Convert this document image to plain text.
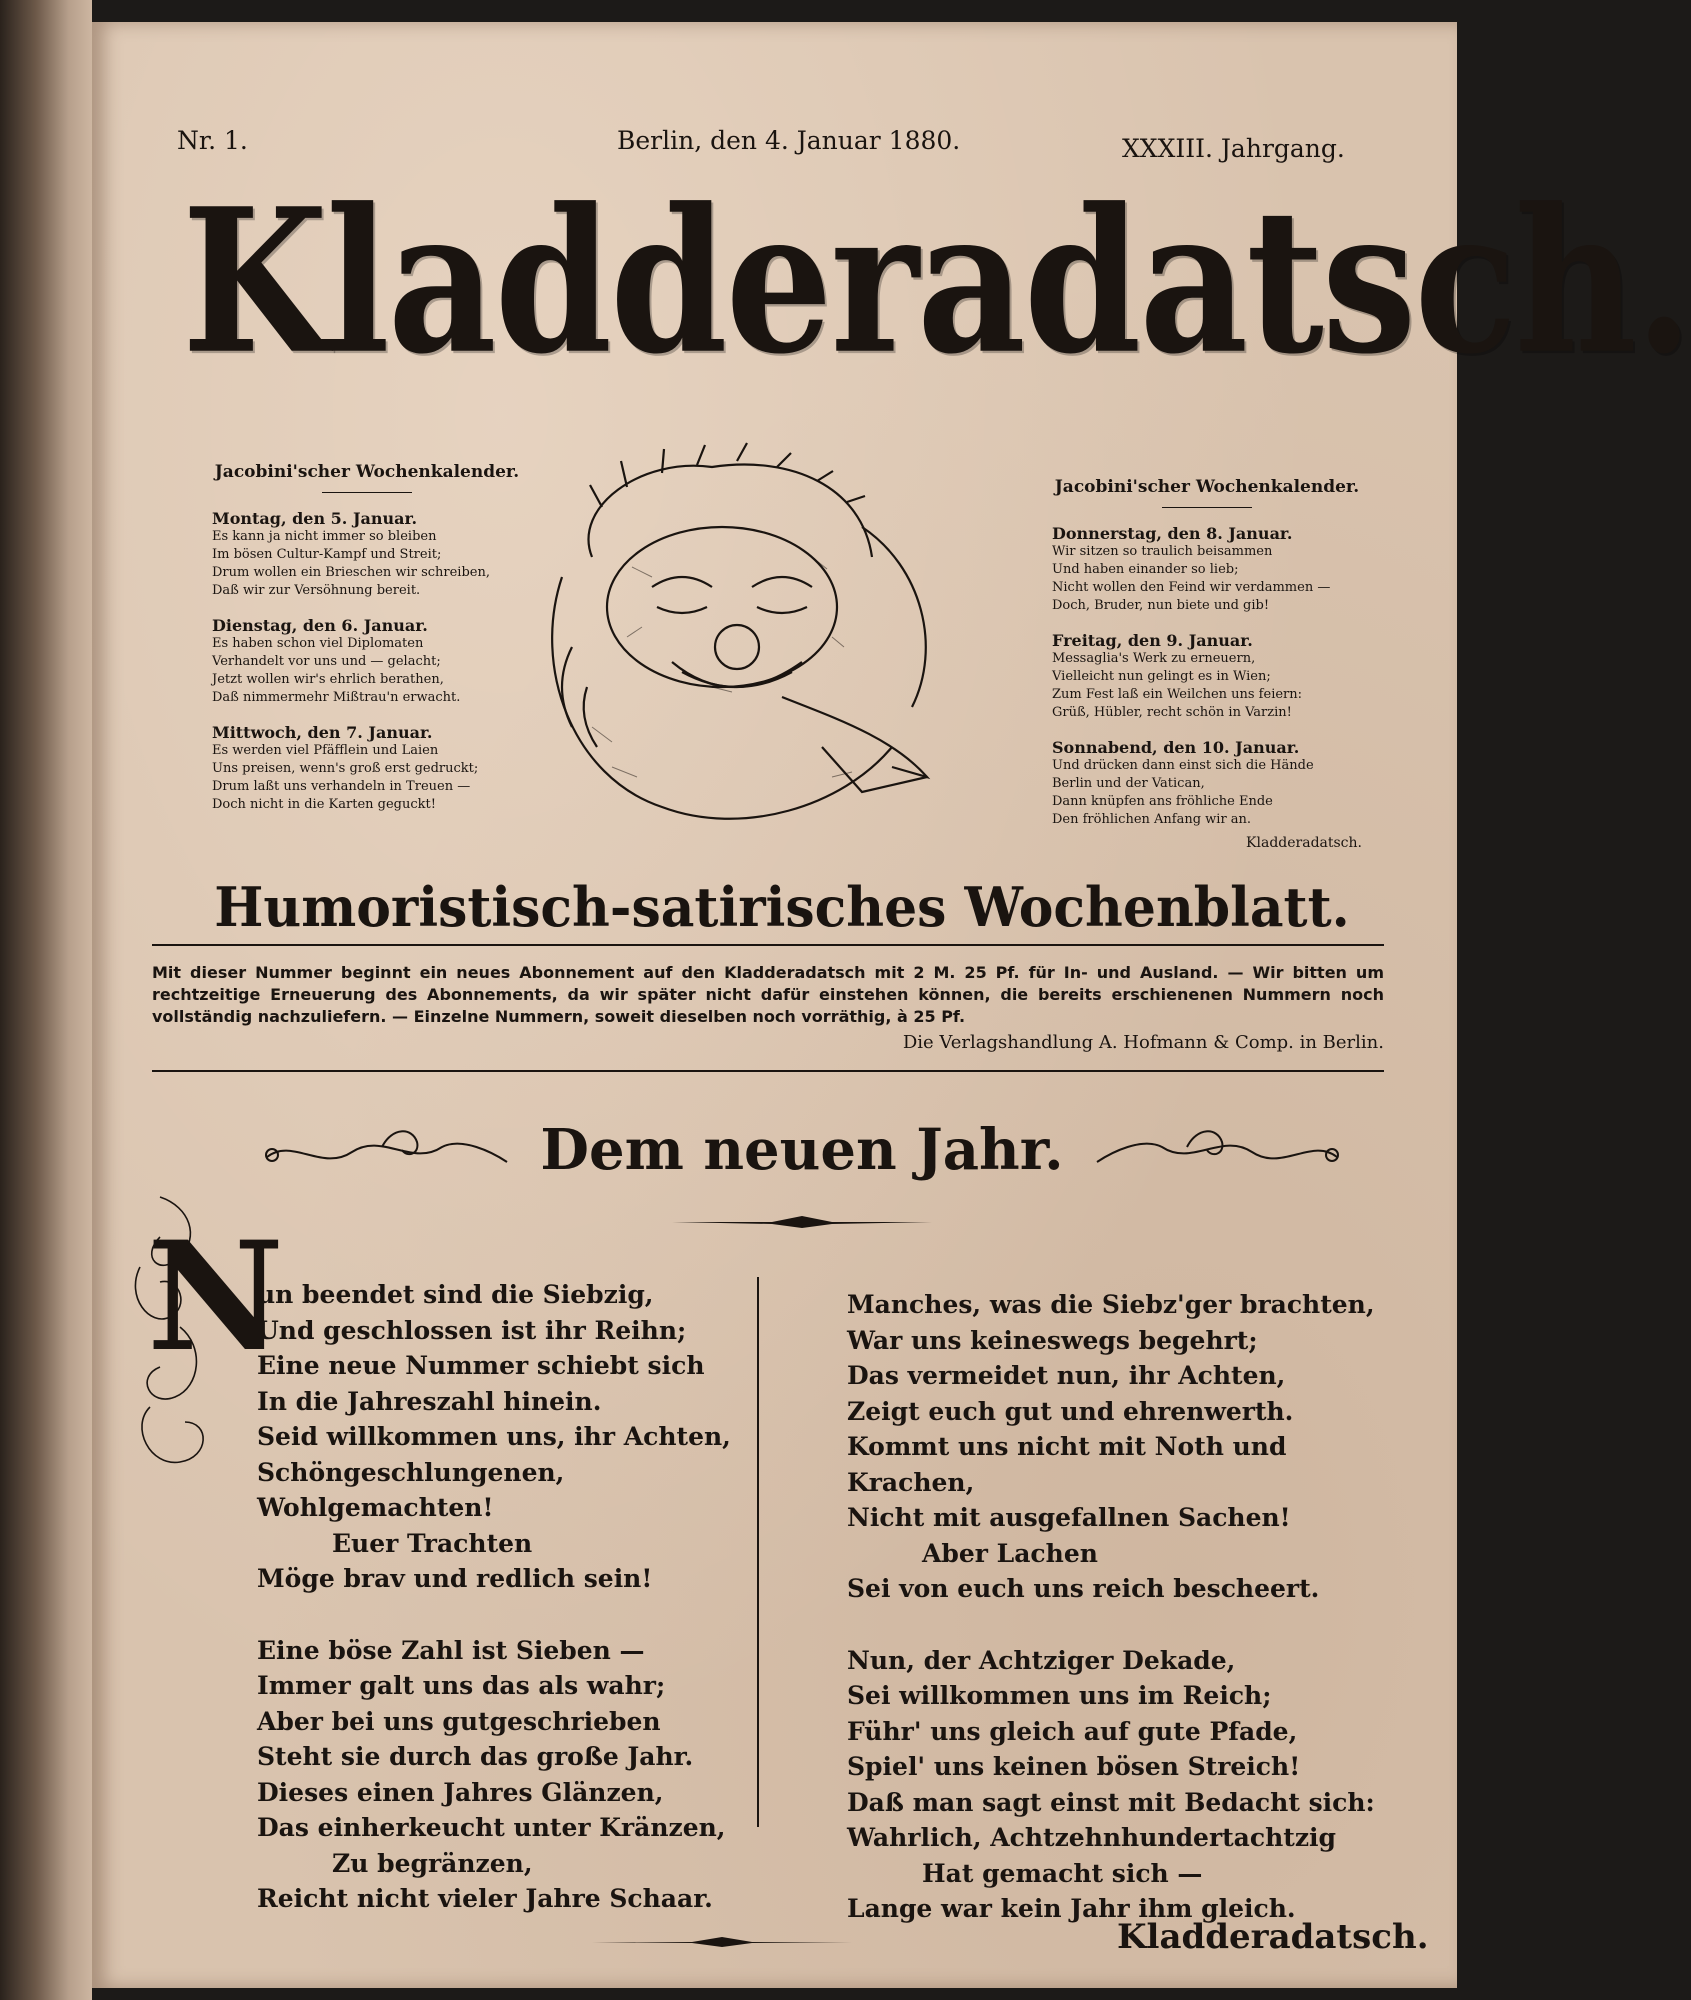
Nr. 1.	Berlin, den 4. Januar 1880.	XXXIII. Jahrgang.
Kladderadatsch.
Jacobini'scher Wochenkalender.
Montag, den 5. Januar.
Es kann ja nicht immer so bleiben
Im bösen Cultur-Kampf und Streit;
Drum wollen ein Brieschen wir schreiben,
Daß wir zur Versöhnung bereit.
Dienstag, den 6. Januar.
Es haben schon viel Diplomaten
Verhandelt vor uns und — gelacht;
Jetzt wollen wir's ehrlich berathen,
Daß nimmermehr Mißtrau'n erwacht.
Mittwoch, den 7. Januar.
Es werden viel Pfäfflein und Laien
Uns preisen, wenn's groß erst gedruckt;
Drum laßt uns verhandeln in Treuen —
Doch nicht in die Karten geguckt!
Jacobini'scher Wochenkalender.
Donnerstag, den 8. Januar.
Wir sitzen so traulich beisammen
Und haben einander so lieb;
Nicht wollen den Feind wir verdammen —
Doch, Bruder, nun biete und gib!
Freitag, den 9. Januar.
Messaglia's Werk zu erneuern,
Vielleicht nun gelingt es in Wien;
Zum Fest laß ein Weilchen uns feiern:
Grüß, Hübler, recht schön in Varzin!
Sonnabend, den 10. Januar.
Und drücken dann einst sich die Hände
Berlin und der Vatican,
Dann knüpfen ans fröhliche Ende
Den fröhlichen Anfang wir an.
Kladderadatsch.
Humoristisch-satirisches Wochenblatt.
Mit dieser Nummer beginnt ein neues Abonnement auf den Kladderadatsch mit 2 M. 25 Pf. für In- und Ausland. — Wir bitten um rechtzeitige Erneuerung des Abonnements, da wir später nicht dafür einstehen können, die bereits erschienenen Nummern noch vollständig nachzuliefern. — Einzelne Nummern, soweit dieselben noch vorräthig, à 25 Pf.
Die Verlagshandlung A. Hofmann & Comp. in Berlin.
Dem neuen Jahr.
N
un beendet sind die Siebzig,
Und geschlossen ist ihr Reihn;
Eine neue Nummer schiebt sich
In die Jahreszahl hinein.
Seid willkommen uns, ihr Achten,
Schöngeschlungenen, Wohlgemachten!
Euer Trachten
Möge brav und redlich sein!
Eine böse Zahl ist Sieben —
Immer galt uns das als wahr;
Aber bei uns gutgeschrieben
Steht sie durch das große Jahr.
Dieses einen Jahres Glänzen,
Das einherkeucht unter Kränzen,
Zu begränzen,
Reicht nicht vieler Jahre Schaar.
Manches, was die Siebz'ger brachten,
War uns keineswegs begehrt;
Das vermeidet nun, ihr Achten,
Zeigt euch gut und ehrenwerth.
Kommt uns nicht mit Noth und Krachen,
Nicht mit ausgefallnen Sachen!
Aber Lachen
Sei von euch uns reich bescheert.
Nun, der Achtziger Dekade,
Sei willkommen uns im Reich;
Führ' uns gleich auf gute Pfade,
Spiel' uns keinen bösen Streich!
Daß man sagt einst mit Bedacht sich:
Wahrlich, Achtzehnhundertachtzig
Hat gemacht sich —
Lange war kein Jahr ihm gleich.
Kladderadatsch.
